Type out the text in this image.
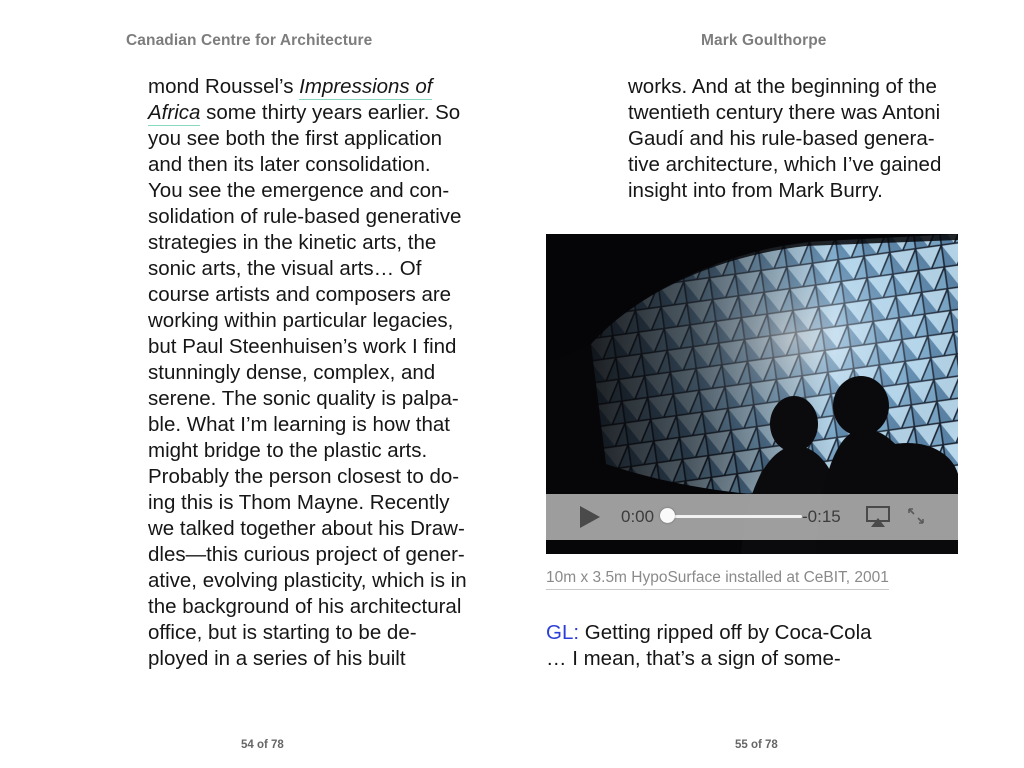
Canadian Centre for Architecture	Mark Goulthorpe
mond Roussel’s Impressions of
Africa some thirty years earlier. So
you see both the first application
and then its later consolidation.
You see the emergence and con-
solidation of rule-based generative
strategies in the kinetic arts, the
sonic arts, the visual arts… Of
course artists and composers are
working within particular legacies,
but Paul Steenhuisen’s work I find
stunningly dense, complex, and
serene. The sonic quality is palpa-
ble. What I’m learning is how that
might bridge to the plastic arts.
Probably the person closest to do-
ing this is Thom Mayne. Recently
we talked together about his Draw-
dles—this curious project of gener-
ative, evolving plasticity, which is in
the background of his architectural
office, but is starting to be de-
ployed in a series of his built
works. And at the beginning of the
twentieth century there was Antoni
Gaudí and his rule-based genera-
tive architecture, which I’ve gained
insight into from Mark Burry.
0:00	-0:15
10m x 3.5m HypoSurface installed at CeBIT, 2001
GL: Getting ripped off by Coca-Cola
… I mean, that’s a sign of some-
54 of 78	55 of 78
